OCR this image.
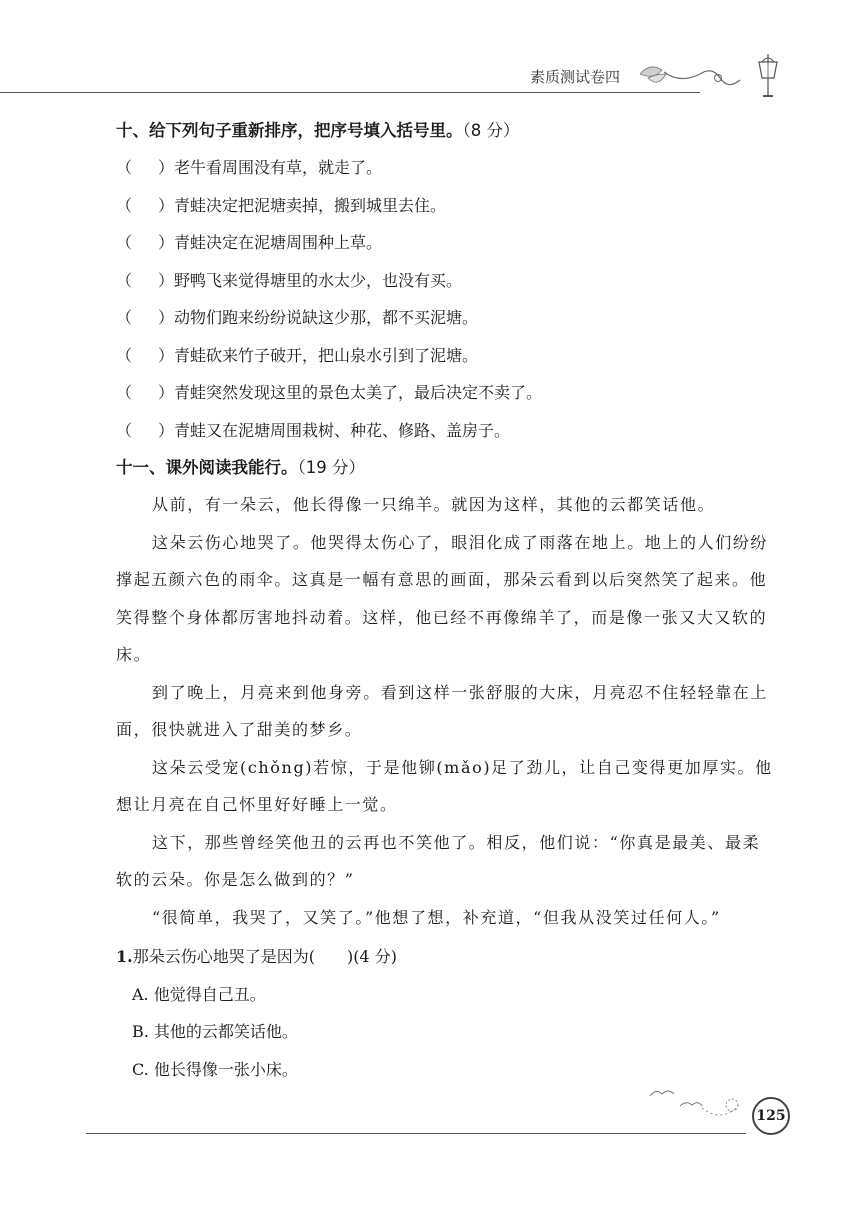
素质测试卷四
十、给下列句子重新排序，把序号填入括号里。（8 分）
（ ）老牛看周围没有草，就走了。
（ ）青蛙决定把泥塘卖掉，搬到城里去住。
（ ）青蛙决定在泥塘周围种上草。
（ ）野鸭飞来觉得塘里的水太少，也没有买。
（ ）动物们跑来纷纷说缺这少那，都不买泥塘。
（ ）青蛙砍来竹子破开，把山泉水引到了泥塘。
（ ）青蛙突然发现这里的景色太美了，最后决定不卖了。
（ ）青蛙又在泥塘周围栽树、种花、修路、盖房子。
十一、课外阅读我能行。（19 分）
从前，有一朵云，他长得像一只绵羊。就因为这样，其他的云都笑话他。
这朵云伤心地哭了。他哭得太伤心了，眼泪化成了雨落在地上。地上的人们纷纷撑起五颜六色的雨伞。这真是一幅有意思的画面，那朵云看到以后突然笑了起来。他笑得整个身体都厉害地抖动着。这样，他已经不再像绵羊了，而是像一张又大又软的床。
到了晚上，月亮来到他身旁。看到这样一张舒服的大床，月亮忍不住轻轻靠在上面，很快就进入了甜美的梦乡。
这朵云受宠(chǒng)若惊，于是他铆(mǎo)足了劲儿，让自己变得更加厚实。他想让月亮在自己怀里好好睡上一觉。
这下，那些曾经笑他丑的云再也不笑他了。相反，他们说：“你真是最美、最柔软的云朵。你是怎么做到的？”
“很简单，我哭了，又笑了。”他想了想，补充道，“但我从没笑过任何人。”
1.那朵云伤心地哭了是因为(　　)(4 分)
A. 他觉得自己丑。
B. 其他的云都笑话他。
C. 他长得像一张小床。
125
